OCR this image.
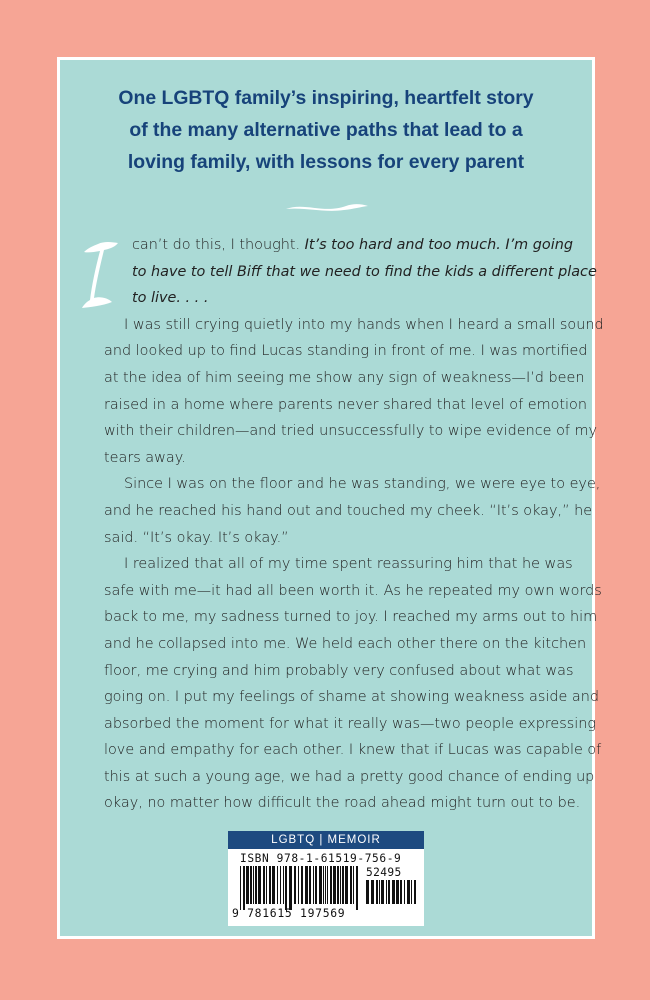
One LGBTQ family’s inspiring, heartfelt story
of the many alternative paths that lead to a
loving family, with lessons for every parent
I	can’t do this, I thought. It’s too hard and too much. I’m going
to have to tell Biff that we need to find the kids a different place
to live. . . .
I was still crying quietly into my hands when I heard a small sound
and looked up to find Lucas standing in front of me. I was mortified
at the idea of him seeing me show any sign of weakness—I’d been
raised in a home where parents never shared that level of emotion
with their children—and tried unsuccessfully to wipe evidence of my
tears away.
Since I was on the floor and he was standing, we were eye to eye,
and he reached his hand out and touched my cheek. “It’s okay,” he
said. “It’s okay. It’s okay.”
I realized that all of my time spent reassuring him that he was
safe with me—it had all been worth it. As he repeated my own words
back to me, my sadness turned to joy. I reached my arms out to him
and he collapsed into me. We held each other there on the kitchen
floor, me crying and him probably very confused about what was
going on. I put my feelings of shame at showing weakness aside and
absorbed the moment for what it really was—two people expressing
love and empathy for each other. I knew that if Lucas was capable of
this at such a young age, we had a pretty good chance of ending up
okay, no matter how difficult the road ahead might turn out to be.
LGBTQ | MEMOIR
ISBN 978-1-61519-756-9
52495
9 781615 197569
